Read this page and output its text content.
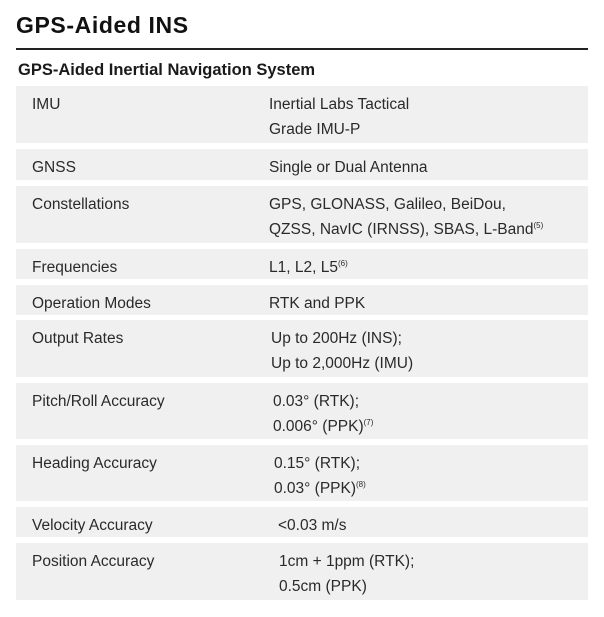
GPS-Aided INS
GPS-Aided Inertial Navigation System
IMU	Inertial Labs Tactical
Grade IMU-P
GNSS	Single or Dual Antenna
Constellations	GPS, GLONASS, Galileo, BeiDou,
QZSS, NavIC (IRNSS), SBAS, L-Band$^{(5)}$
Frequencies	L1, L2, L5$^{(6)}$
Operation Modes	RTK and PPK
Output Rates	Up to 200Hz (INS);
Up to 2,000Hz (IMU)
Pitch/Roll Accuracy	0.03° (RTK);
0.006° (PPK)$^{(7)}$
Heading Accuracy	0.15° (RTK);
0.03° (PPK)$^{(8)}$
Velocity Accuracy	<0.03 m/s
Position Accuracy	1cm + 1ppm (RTK);
0.5cm (PPK)
